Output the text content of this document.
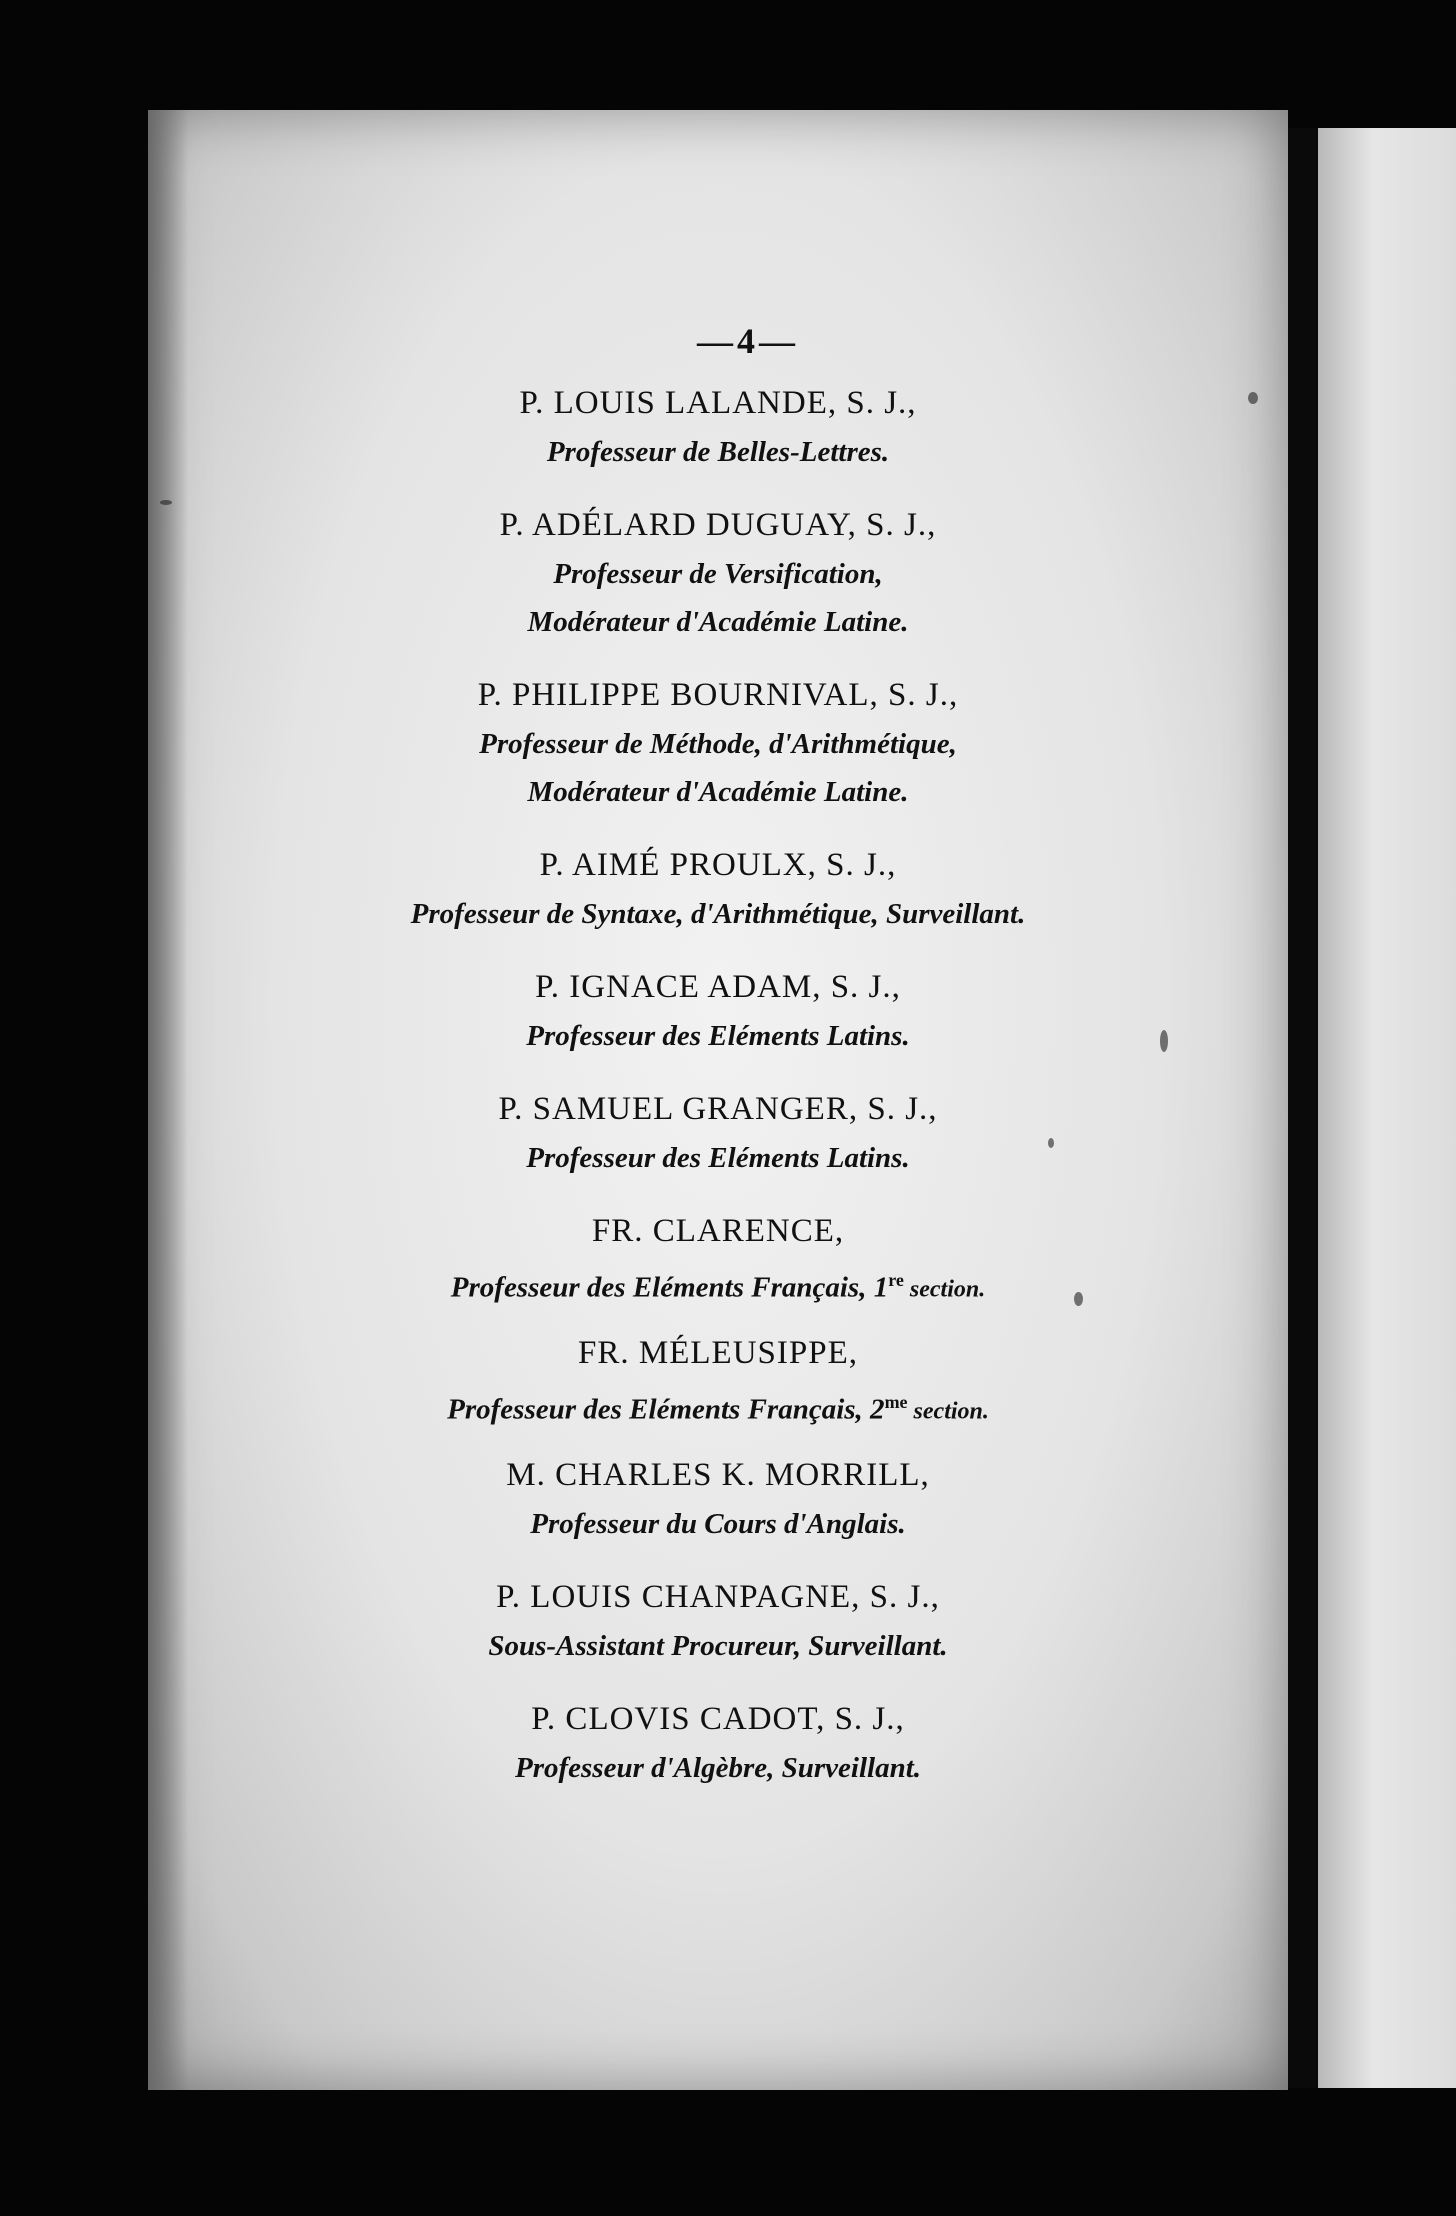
—4—
P. LOUIS LALANDE, S. J.,
Professeur de Belles-Lettres.
P. ADÉLARD DUGUAY, S. J.,
Professeur de Versification,
Modérateur d'Académie Latine.
P. PHILIPPE BOURNIVAL, S. J.,
Professeur de Méthode, d'Arithmétique,
Modérateur d'Académie Latine.
P. AIMÉ PROULX, S. J.,
Professeur de Syntaxe, d'Arithmétique, Surveillant.
P. IGNACE ADAM, S. J.,
Professeur des Eléments Latins.
P. SAMUEL GRANGER, S. J.,
Professeur des Eléments Latins.
FR. CLARENCE,
Professeur des Eléments Français, 1re section.
FR. MÉLEUSIPPE,
Professeur des Eléments Français, $2^{me}$ section.
M. CHARLES K. MORRILL,
Professeur du Cours d'Anglais.
P. LOUIS CHANPAGNE, S. J.,
Sous-Assistant Procureur, Surveillant.
P. CLOVIS CADOT, S. J.,
Professeur d'Algèbre, Surveillant.
